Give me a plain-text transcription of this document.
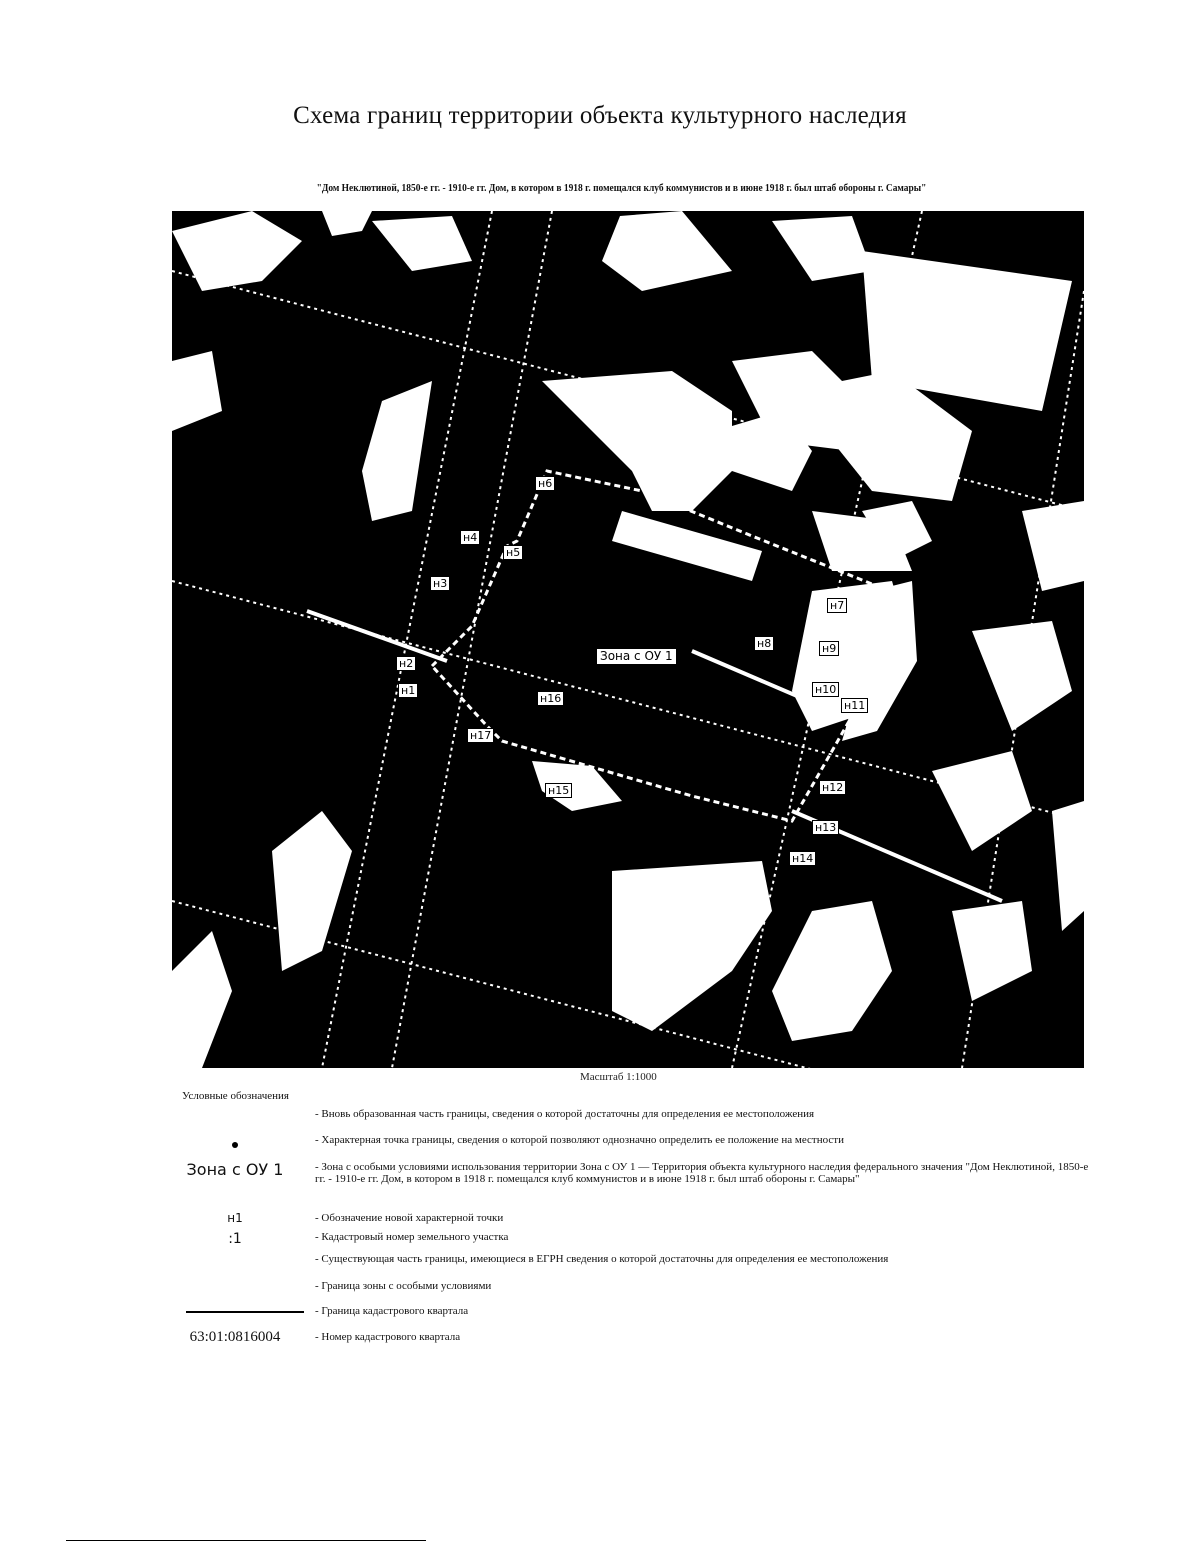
Схема границ территории объекта культурного наследия
"Дом Неклютиной, 1850-е гг. - 1910-е гг. Дом, в котором в 1918 г. помещался клуб коммунистов и в июне 1918 г. был штаб обороны г. Самары"
н6
н4
н5
н3
н7
н8	н9
Зона с ОУ 1
н2
н1	н10
н16
н11
н17
н12
н15
н13
н14
Масштаб 1:1000
Условные обозначения
- Вновь образованная часть границы, сведения о которой достаточны для определения ее местоположения
- Характерная точка границы, сведения о которой позволяют однозначно определить ее положение на местности
Зона с ОУ 1	- Зона с особыми условиями использования территории Зона с ОУ 1 — Территория объекта культурного наследия федерального значения "Дом Неклютиной, 1850-е гг. - 1910-е гг. Дом, в котором в 1918 г. помещался клуб коммунистов и в июне 1918 г. был штаб обороны г. Самары"
н1	- Обозначение новой характерной точки
:1	- Кадастровый номер земельного участка
- Существующая часть границы, имеющиеся в ЕГРН сведения о которой достаточны для определения ее местоположения
- Граница зоны с особыми условиями
- Граница кадастрового квартала
63:01:0816004	- Номер кадастрового квартала
